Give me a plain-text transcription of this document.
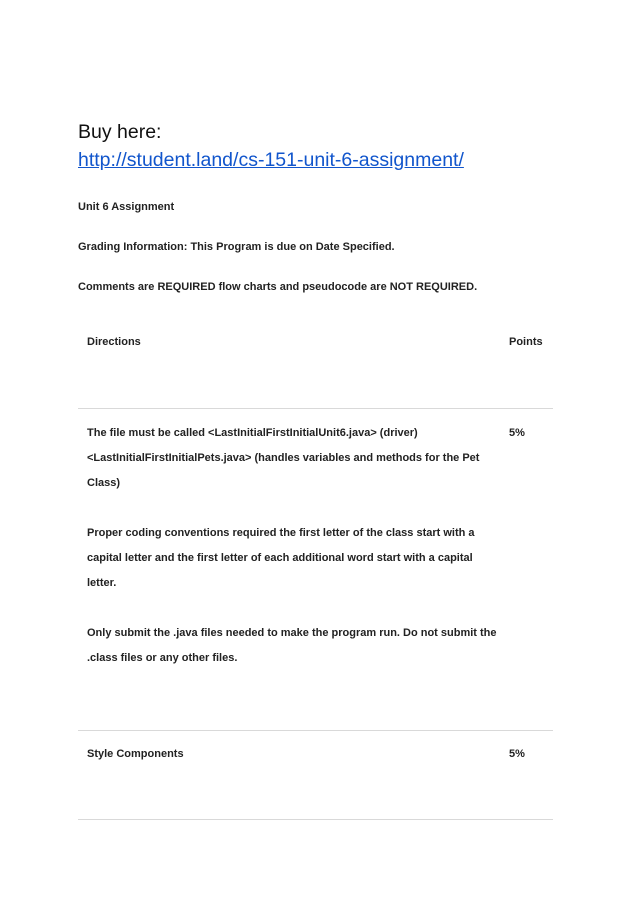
Buy here:
http://student.land/cs-151-unit-6-assignment/
Unit 6 Assignment
Grading Information: This Program is due on Date Specified.
Comments are REQUIRED flow charts and pseudocode are NOT REQUIRED.
Directions	Points
The file must be called <LastInitialFirstInitialUnit6.java> (driver) <LastInitialFirstInitialPets.java> (handles variables and methods for the Pet Class)
Proper coding conventions required the first letter of the class start with a capital letter and the first letter of each additional word start with a capital letter.
Only submit the .java files needed to make the program run. Do not submit the .class files or any other files.
5%
Style Components	5%
